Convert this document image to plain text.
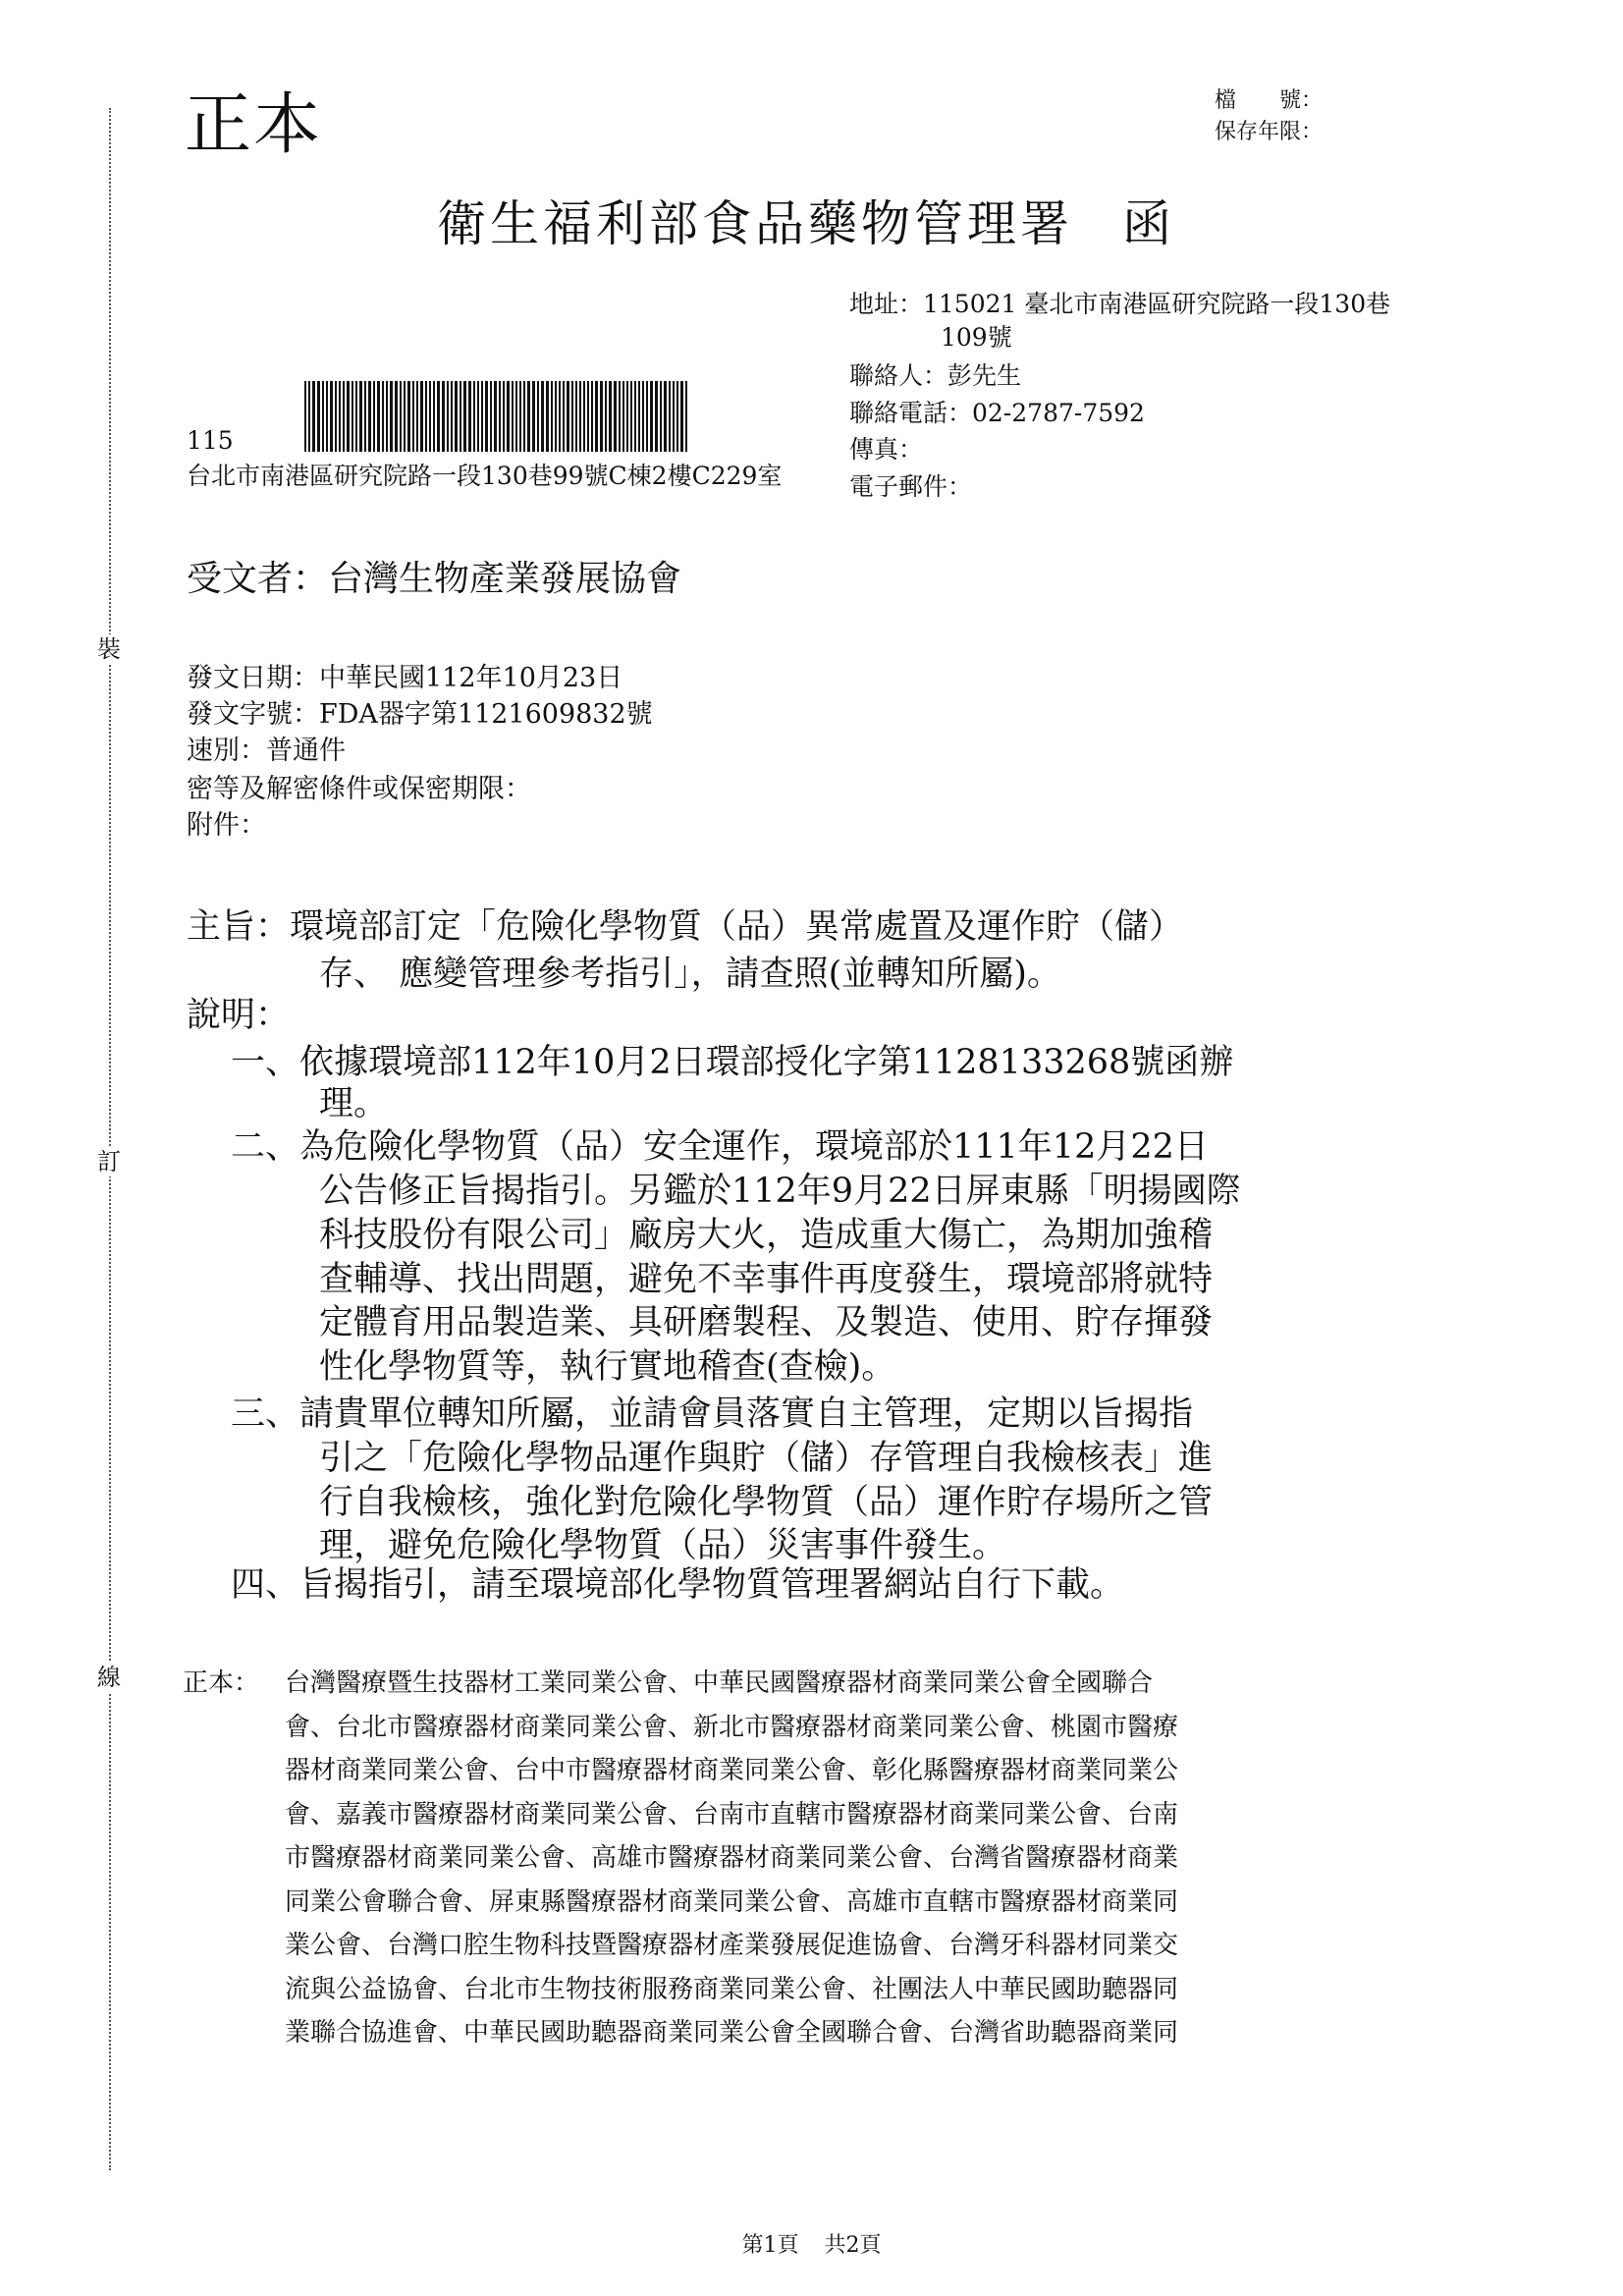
裝
訂
線
正本	檔　　號：
保存年限：
衛生福利部食品藥物管理署 函
地址：115021 臺北市南港區研究院路一段130巷
109號
聯絡人：彭先生
聯絡電話：02-2787-7592
傳真：
電子郵件：
115
台北市南港區研究院路一段130巷99號C棟2樓C229室
受文者：台灣生物產業發展協會
發文日期：中華民國112年10月23日
發文字號：FDA器字第1121609832號
速別：普通件
密等及解密條件或保密期限：
附件：
主旨：環境部訂定「危險化學物質（品）異常處置及運作貯（儲）
存、 應變管理參考指引」，請查照(並轉知所屬)。
說明：
一、依據環境部112年10月2日環部授化字第1128133268號函辦
理。
二、為危險化學物質（品）安全運作，環境部於111年12月22日
公告修正旨揭指引。另鑑於112年9月22日屏東縣「明揚國際
科技股份有限公司」廠房大火，造成重大傷亡，為期加強稽
查輔導、找出問題，避免不幸事件再度發生，環境部將就特
定體育用品製造業、具研磨製程、及製造、使用、貯存揮發
性化學物質等，執行實地稽查(查檢)。
三、請貴單位轉知所屬，並請會員落實自主管理，定期以旨揭指
引之「危險化學物品運作與貯（儲）存管理自我檢核表」進
行自我檢核，強化對危險化學物質（品）運作貯存場所之管
理，避免危險化學物質（品）災害事件發生。
四、旨揭指引，請至環境部化學物質管理署網站自行下載。
正本： 台灣醫療暨生技器材工業同業公會、中華民國醫療器材商業同業公會全國聯合
會、台北市醫療器材商業同業公會、新北市醫療器材商業同業公會、桃園市醫療
器材商業同業公會、台中市醫療器材商業同業公會、彰化縣醫療器材商業同業公
會、嘉義市醫療器材商業同業公會、台南市直轄市醫療器材商業同業公會、台南
市醫療器材商業同業公會、高雄市醫療器材商業同業公會、台灣省醫療器材商業
同業公會聯合會、屏東縣醫療器材商業同業公會、高雄市直轄市醫療器材商業同
業公會、台灣口腔生物科技暨醫療器材產業發展促進協會、台灣牙科器材同業交
流與公益協會、台北市生物技術服務商業同業公會、社團法人中華民國助聽器同
業聯合協進會、中華民國助聽器商業同業公會全國聯合會、台灣省助聽器商業同
第1頁 共2頁
